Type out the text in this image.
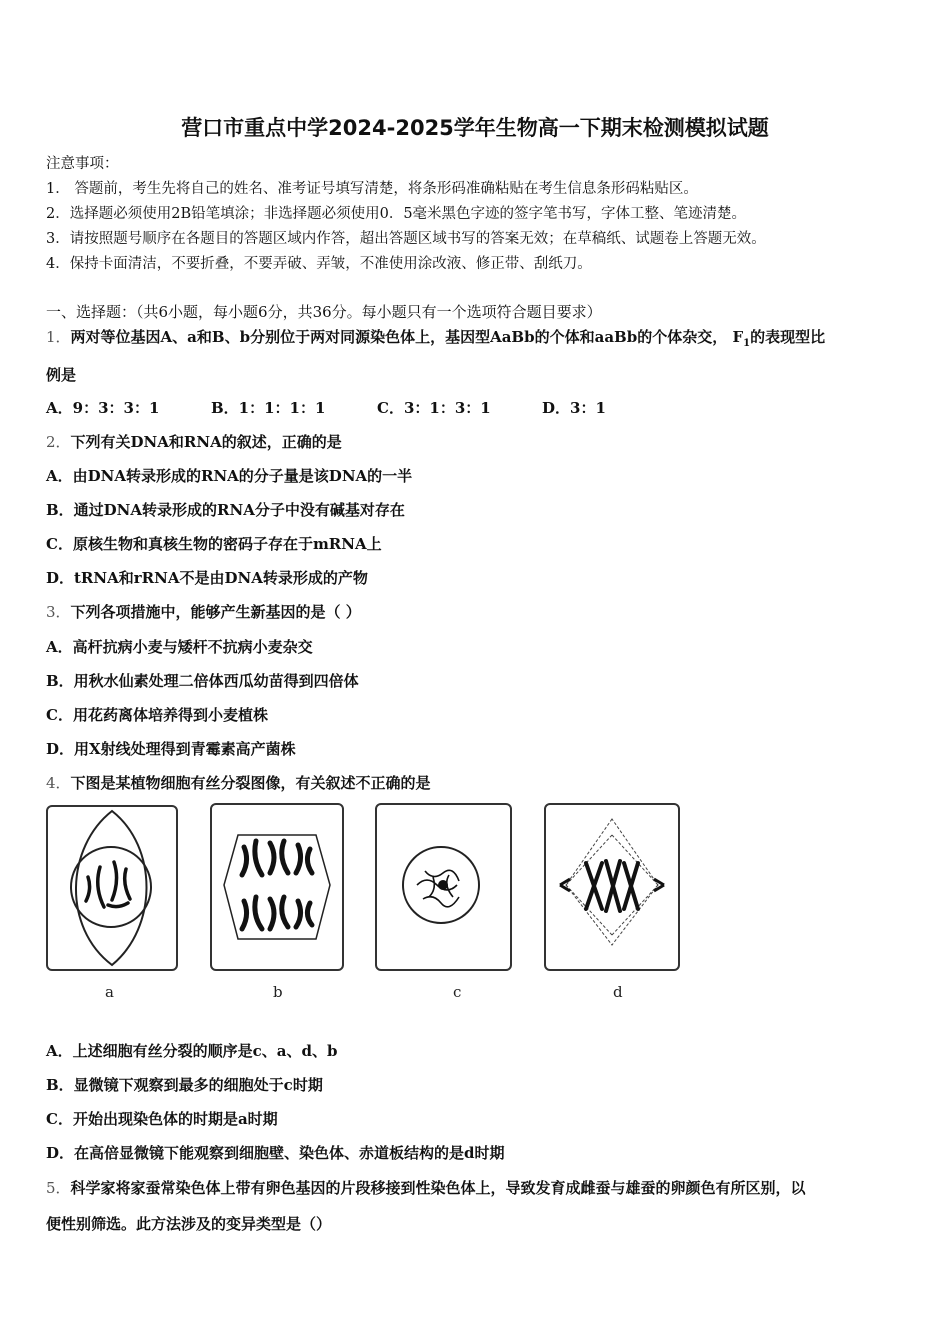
营口市重点中学2024-2025学年生物高一下期末检测模拟试题
注意事项：
1． 答题前，考生先将自己的姓名、准考证号填写清楚，将条形码准确粘贴在考生信息条形码粘贴区。
2．选择题必须使用2B铅笔填涂；非选择题必须使用0．5毫米黑色字迹的签字笔书写，字体工整、笔迹清楚。
3．请按照题号顺序在各题目的答题区域内作答，超出答题区域书写的答案无效；在草稿纸、试题卷上答题无效。
4．保持卡面清洁，不要折叠，不要弄破、弄皱，不准使用涂改液、修正带、刮纸刀。
一、选择题：（共6小题，每小题6分，共36分。每小题只有一个选项符合题目要求）
1．两对等位基因A、a和B、b分别位于两对同源染色体上，基因型AaBb的个体和aaBb的个体杂交， $F_1$的表现型比
例是
A．9：3：3：1	B．1：1：1：1	C．3：1：3：1	D．3：1
2．下列有关DNA和RNA的叙述，正确的是
A．由DNA转录形成的RNA的分子量是该DNA的一半
B．通过DNA转录形成的RNA分子中没有碱基对存在
C．原核生物和真核生物的密码子存在于mRNA上
D．tRNA和rRNA不是由DNA转录形成的产物
3．下列各项措施中，能够产生新基因的是（ ）
A．高杆抗病小麦与矮杆不抗病小麦杂交
B．用秋水仙素处理二倍体西瓜幼苗得到四倍体
C．用花药离体培养得到小麦植株
D．用X射线处理得到青霉素高产菌株
4．下图是某植物细胞有丝分裂图像，有关叙述不正确的是
a	b	c	d
A．上述细胞有丝分裂的顺序是c、a、d、b
B．显微镜下观察到最多的细胞处于c时期
C．开始出现染色体的时期是a时期
D．在高倍显微镜下能观察到细胞壁、染色体、赤道板结构的是d时期
5．科学家将家蚕常染色体上带有卵色基因的片段移接到性染色体上，导致发育成雌蚕与雄蚕的卵颜色有所区别，以
便性别筛选。此方法涉及的变异类型是（）
